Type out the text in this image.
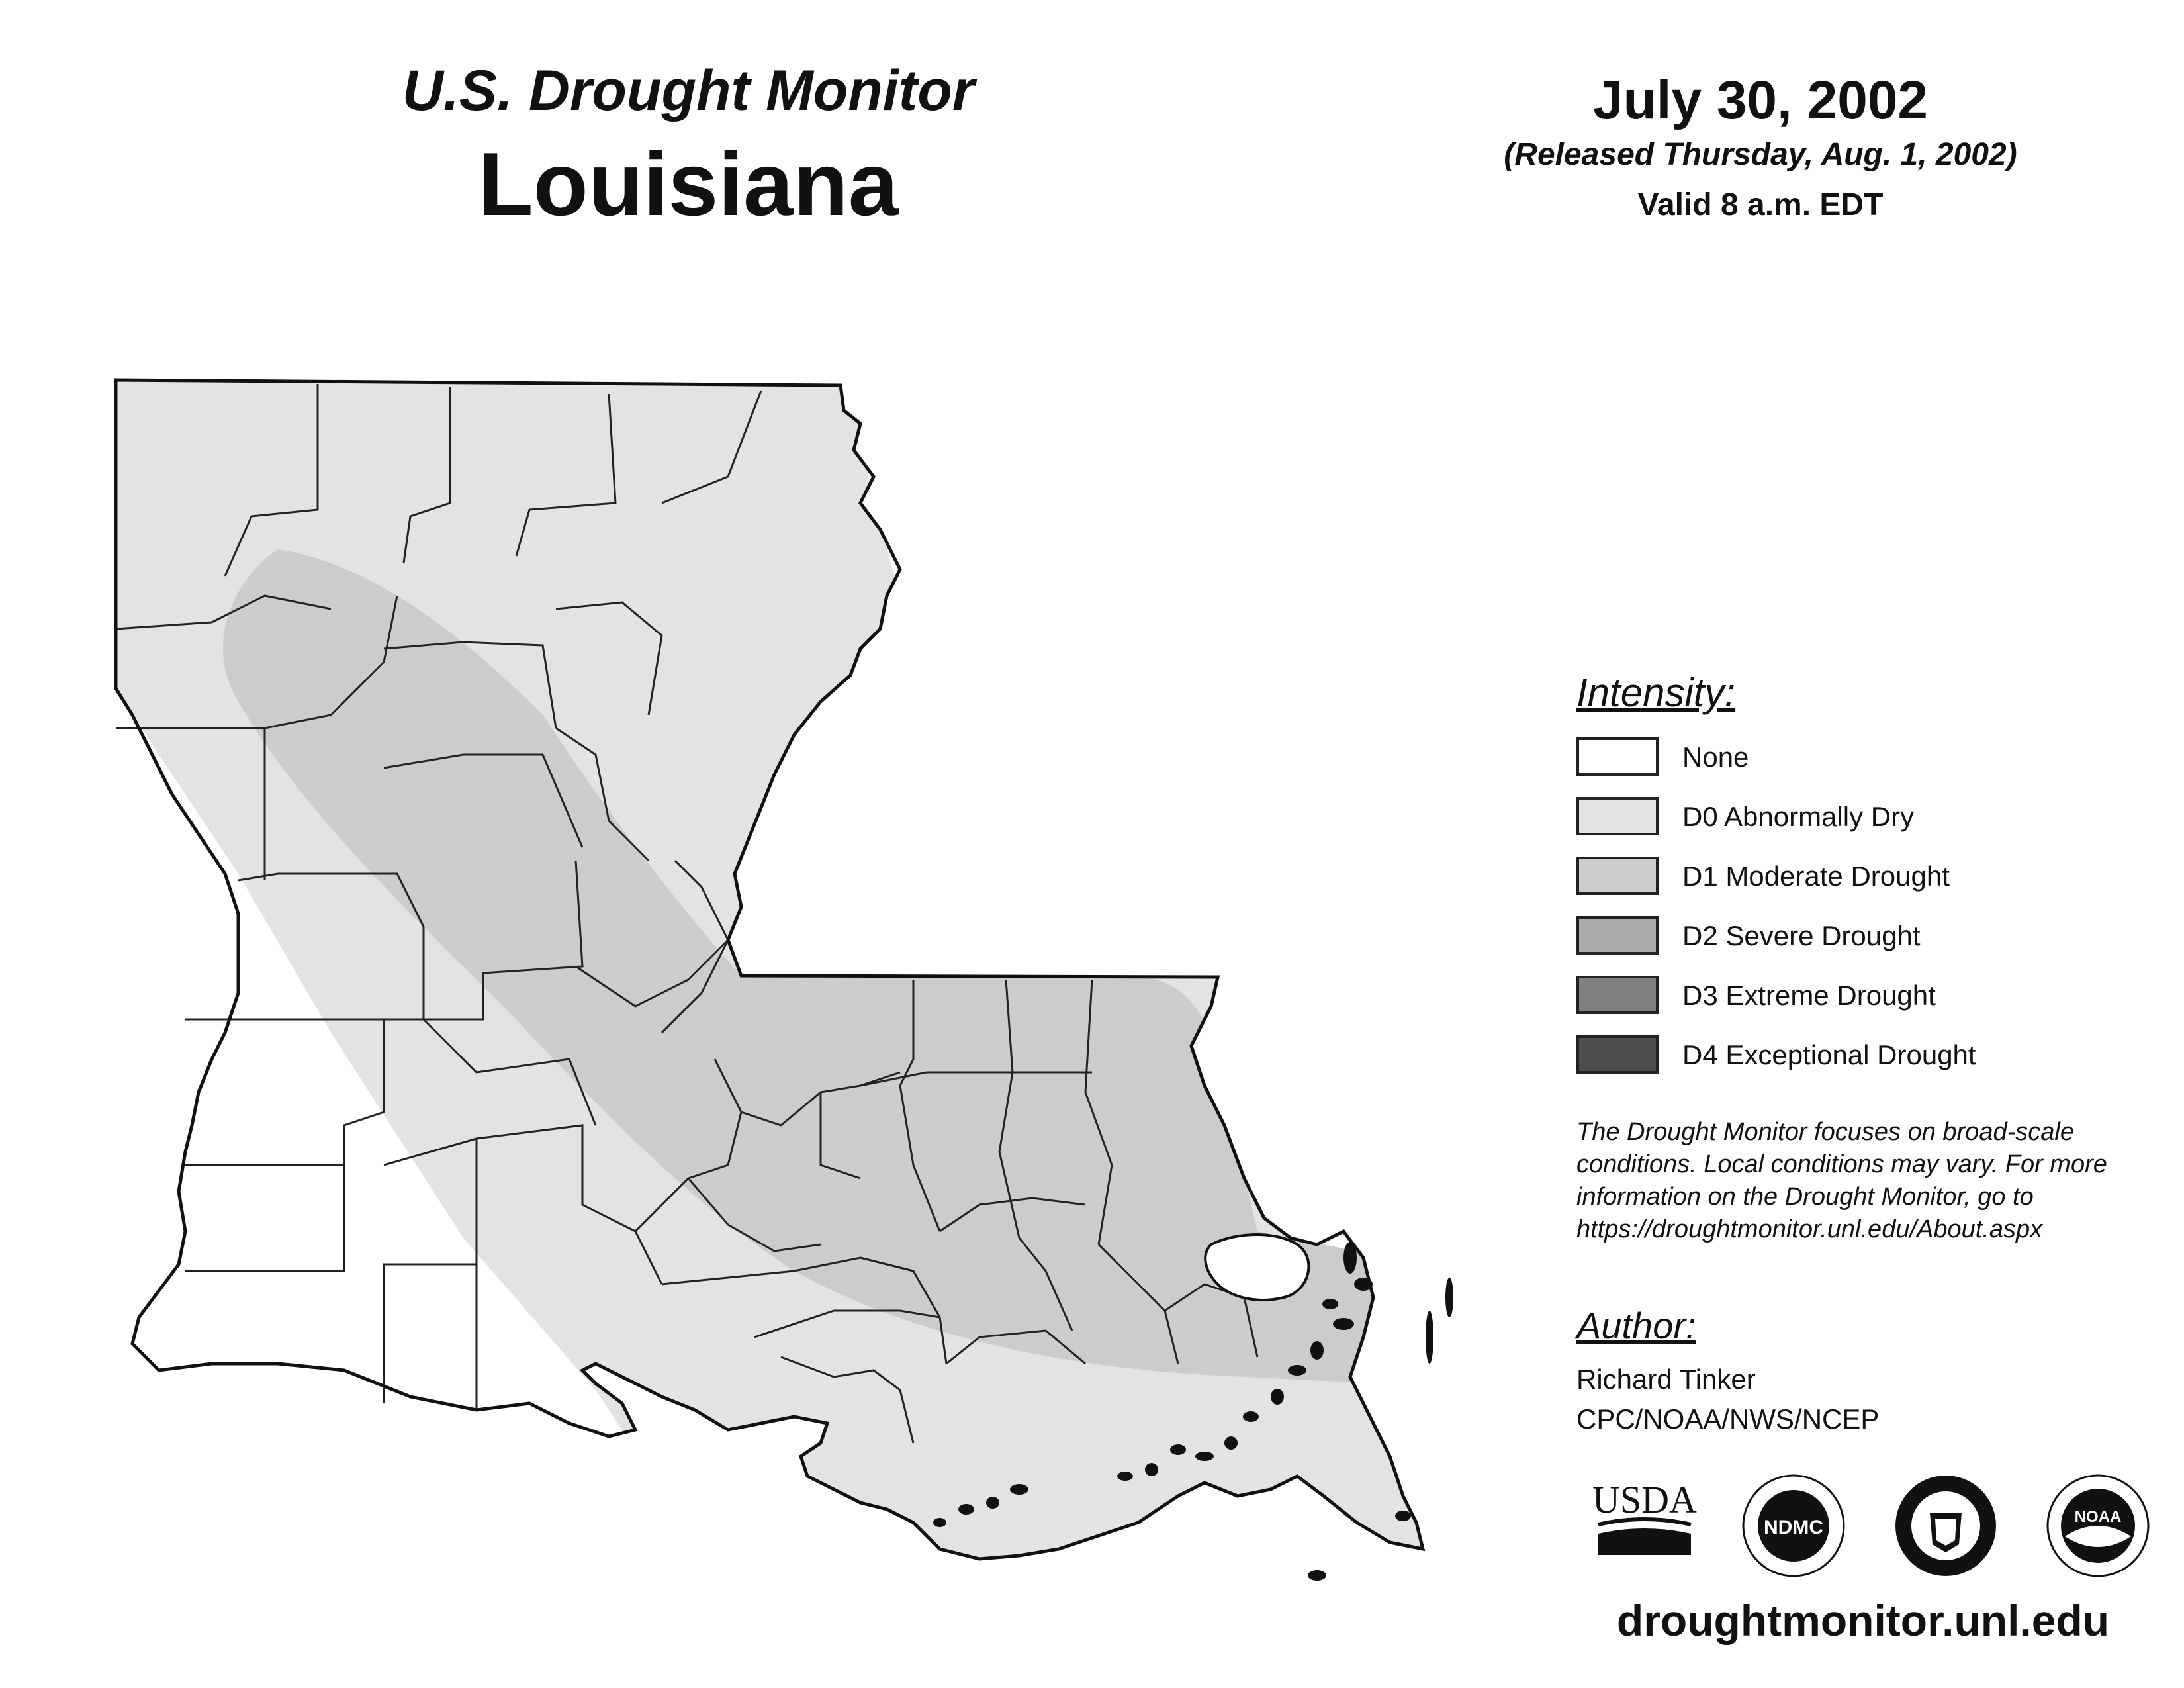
U.S. Drought Monitor
Louisiana
July 30, 2002
(Released Thursday, Aug. 1, 2002)
Valid 8 a.m. EDT
Intensity:
None
D0 Abnormally Dry
D1 Moderate Drought
D2 Severe Drought
D3 Extreme Drought
D4 Exceptional Drought
The Drought Monitor focuses on broad-scale
conditions. Local conditions may vary. For more
information on the Drought Monitor, go to
https://droughtmonitor.unl.edu/About.aspx
Author:
Richard Tinker
CPC/NOAA/NWS/NCEP
USDA
NDMC	NOAA
droughtmonitor.unl.edu
